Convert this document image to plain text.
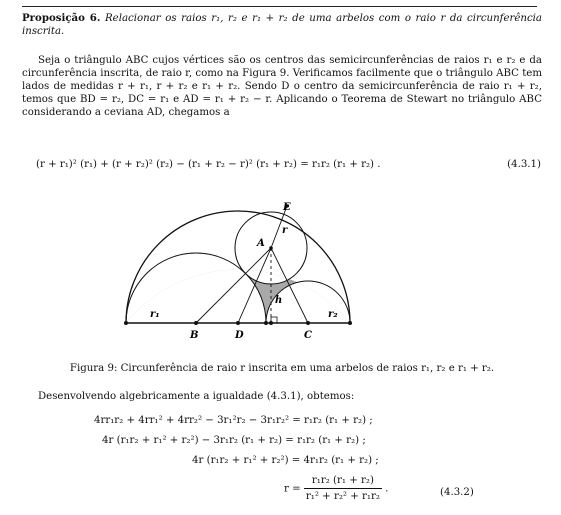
Proposição 6. Relacionar os raios r₁, r₂ e r₁ + r₂ de uma arbelos com o raio r da circunferência inscrita.

Seja o triângulo ABC cujos vértices são os centros das semicircunferências de raios r₁ e r₂ e da circunferência inscrita, de raio r, como na Figura 9. Verificamos facilmente que o triângulo ABC tem lados de medidas r + r₁, r + r₂ e r₁ + r₂. Sendo D o centro da semicircunferência de raio r₁ + r₂, temos que BD = r₂, DC = r₁ e AD = r₁ + r₂ − r. Aplicando o Teorema de Stewart no triângulo ABC considerando a ceviana AD, chegamos a

(r + r₁)² (r₁) + (r + r₂)² (r₂) − (r₁ + r₂ − r)² (r₁ + r₂) = r₁r₂ (r₁ + r₂) .	(4.3.1)
E
A
r
h
r₁	r₂
B	D	C
Figura 9: Circunferência de raio r inscrita em uma arbelos de raios r₁, r₂ e r₁ + r₂.
Desenvolvendo algebricamente a igualdade (4.3.1), obtemos:
4rr₁r₂ + 4rr₁² + 4rr₂² − 3r₁²r₂ − 3r₁r₂² = r₁r₂ (r₁ + r₂) ;
4r (r₁r₂ + r₁² + r₂²) − 3r₁r₂ (r₁ + r₂) = r₁r₂ (r₁ + r₂) ;
4r (r₁r₂ + r₁² + r₂²) = 4r₁r₂ (r₁ + r₂) ;
$r = \frac{\text{r₁r₂ (r₁ + r₂)}}{\text{r₁² + r₂² + r₁r₂}}$ .	(4.3.2)
